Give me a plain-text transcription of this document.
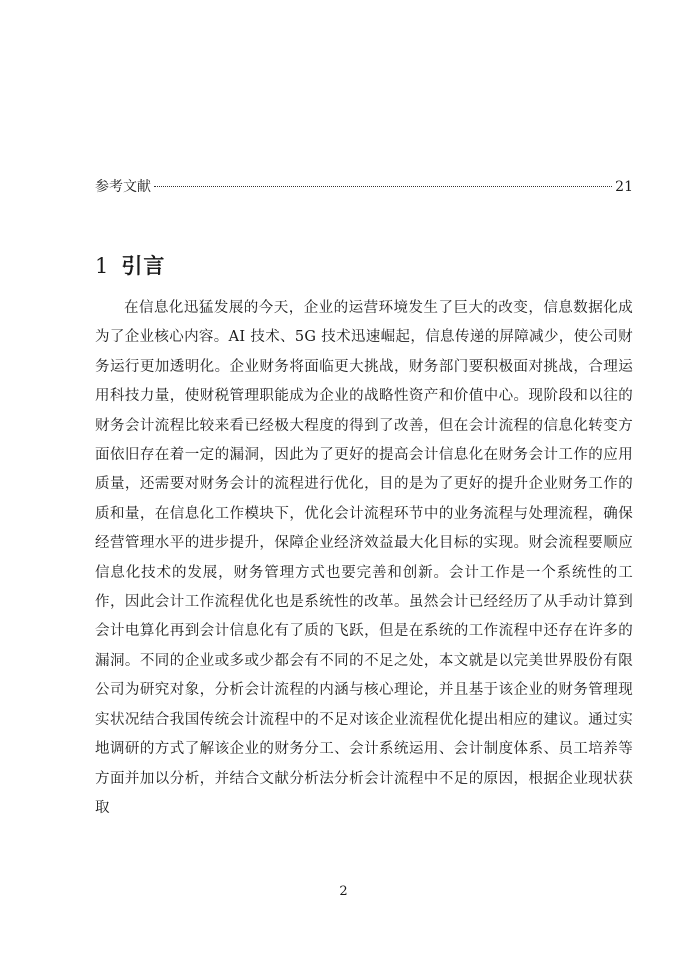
参考文献	21
1 引言

在信息化迅猛发展的今天，企业的运营环境发生了巨大的改变，信息数据化成为了企业核心内容。AI 技术、5G 技术迅速崛起，信息传递的屏障减少，使公司财务运行更加透明化。企业财务将面临更大挑战，财务部门要积极面对挑战，合理运用科技力量，使财税管理职能成为企业的战略性资产和价值中心。现阶段和以往的财务会计流程比较来看已经极大程度的得到了改善，但在会计流程的信息化转变方面依旧存在着一定的漏洞，因此为了更好的提高会计信息化在财务会计工作的应用质量，还需要对财务会计的流程进行优化，目的是为了更好的提升企业财务工作的质和量，在信息化工作模块下，优化会计流程环节中的业务流程与处理流程，确保经营管理水平的进步提升，保障企业经济效益最大化目标的实现。财会流程要顺应信息化技术的发展，财务管理方式也要完善和创新。会计工作是一个系统性的工作，因此会计工作流程优化也是系统性的改革。虽然会计已经经历了从手动计算到会计电算化再到会计信息化有了质的飞跃，但是在系统的工作流程中还存在许多的漏洞。不同的企业或多或少都会有不同的不足之处，本文就是以完美世界股份有限公司为研究对象，分析会计流程的内涵与核心理论，并且基于该企业的财务管理现实状况结合我国传统会计流程中的不足对该企业流程优化提出相应的建议。通过实地调研的方式了解该企业的财务分工、会计系统运用、会计制度体系、员工培养等方面并加以分析，并结合文献分析法分析会计流程中不足的原因，根据企业现状获取

2
